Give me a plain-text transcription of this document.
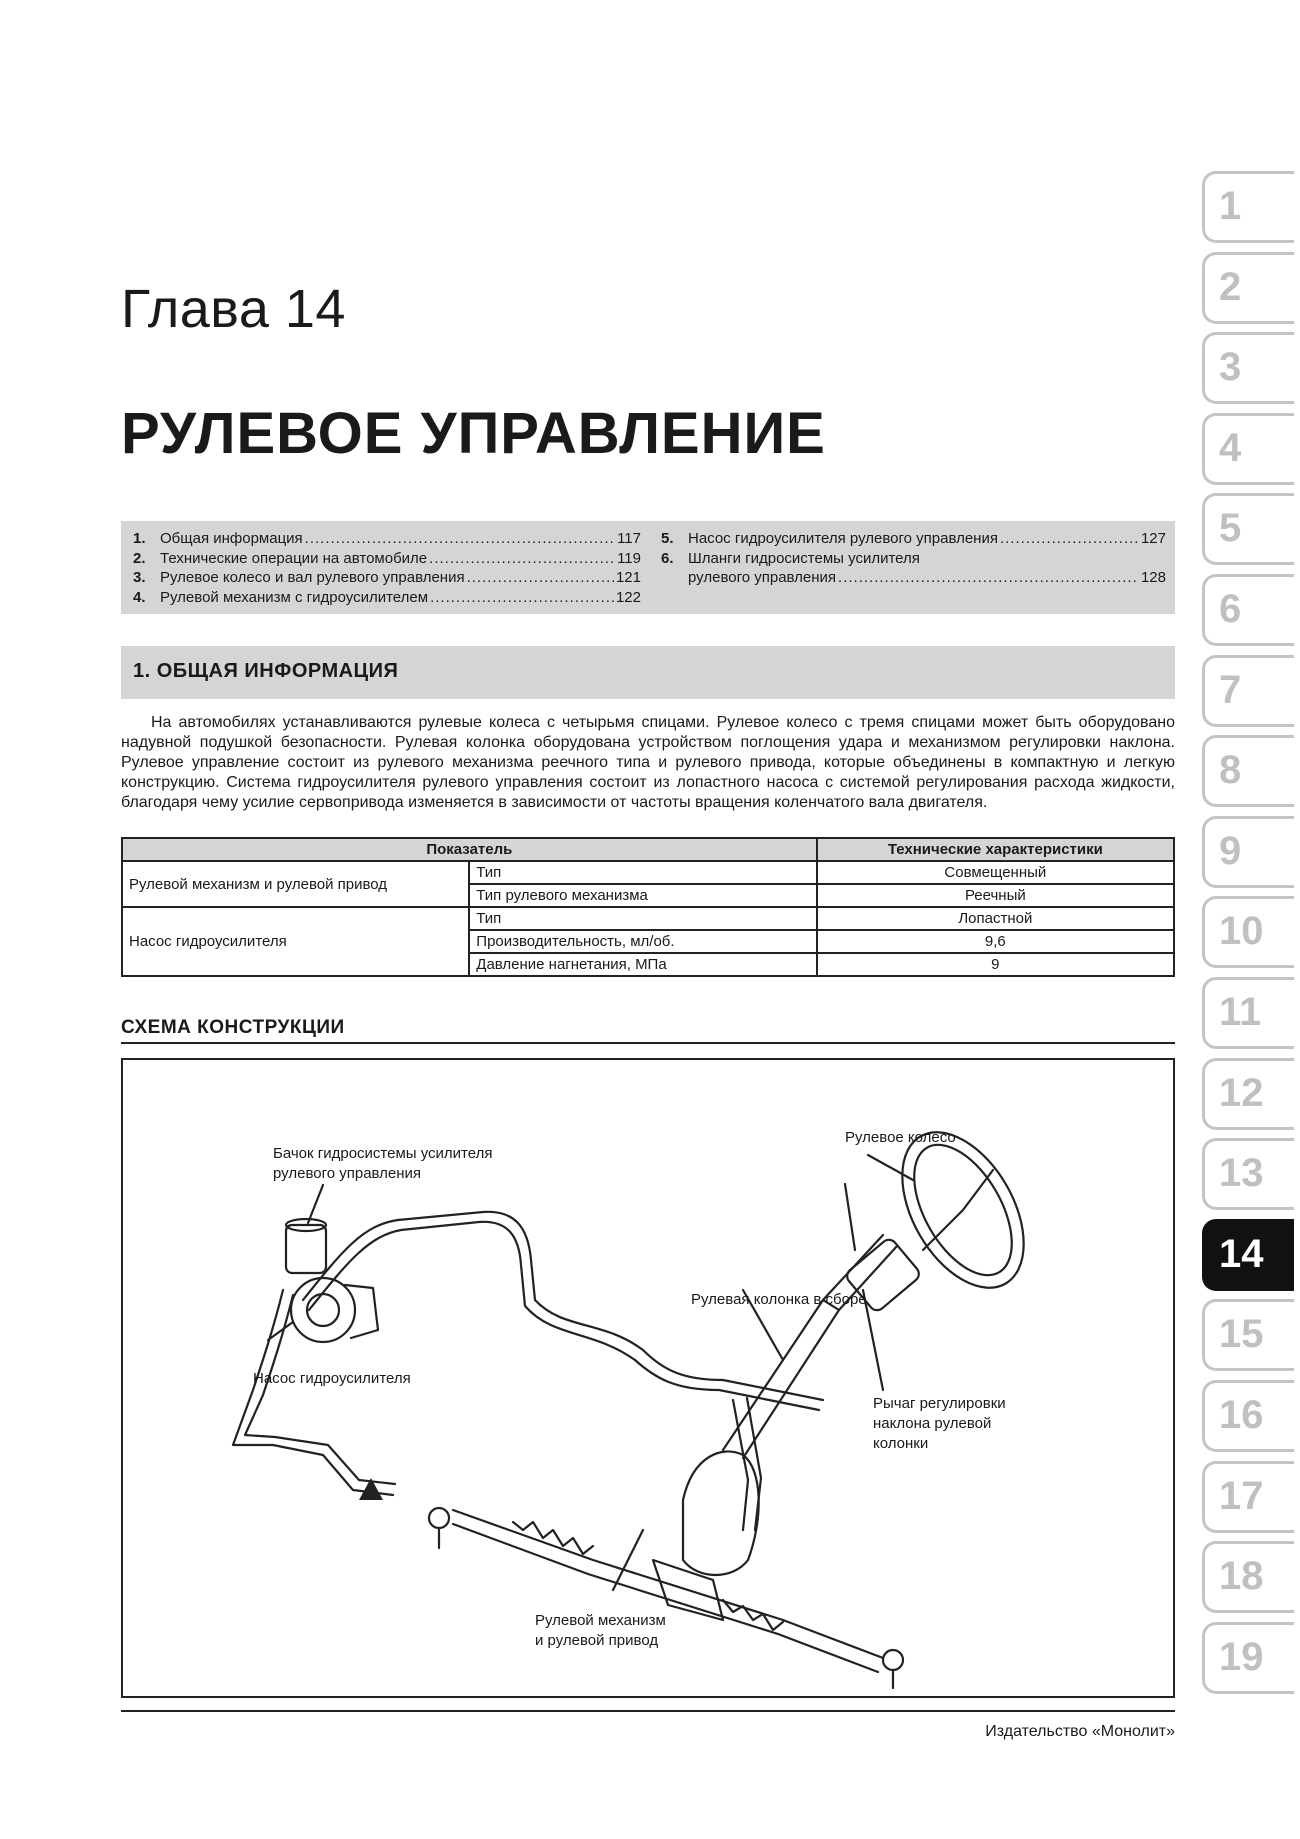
Глава 14
РУЛЕВОЕ УПРАВЛЕНИЕ
1. Общая информация .....	117
2. Технические операции на автомобиле .....	119
3. Рулевое колесо и вал рулевого управления .....	121
4. Рулевой механизм с гидроусилителем .....	122
5. Насос гидроусилителя рулевого управления .....	127
6. Шланги гидросистемы усилителя
рулевого управления .....	128
1. ОБЩАЯ ИНФОРМАЦИЯ
На автомобилях устанавливаются рулевые колеса с четырьмя спицами. Рулевое колесо с тремя спицами может быть оборудовано надувной подушкой безопасности. Рулевая колонка оборудована устройством поглощения удара и механизмом регулировки наклона. Рулевое управление состоит из рулевого механизма реечного типа и рулевого привода, которые объединены в компактную и легкую конструкцию. Система гидроусилителя рулевого управления состоит из лопастного насоса с системой регулирования расхода жидкости, благодаря чему усилие сервопривода изменяется в зависимости от частоты вращения коленчатого вала двигателя.
Показатель		Технические характеристики
Рулевой механизм и рулевой привод	Тип	Совмещенный
	Тип рулевого механизма	Реечный
Насос гидроусилителя	Тип	Лопастной
	Производительность, мл/об.	9,6
	Давление нагнетания, МПа	9
СХЕМА КОНСТРУКЦИИ
Бачок гидросистемы усилителя
рулевого управления
Насос гидроусилителя
Рулевое колесо
Рулевая колонка в сборе
Рычаг регулировки
наклона рулевой
колонки
Рулевой механизм
и рулевой привод
Издательство «Монолит»
1
2
3
4
5
6
7
8
9
10
11
12
13
14
15
16
17
18
19
